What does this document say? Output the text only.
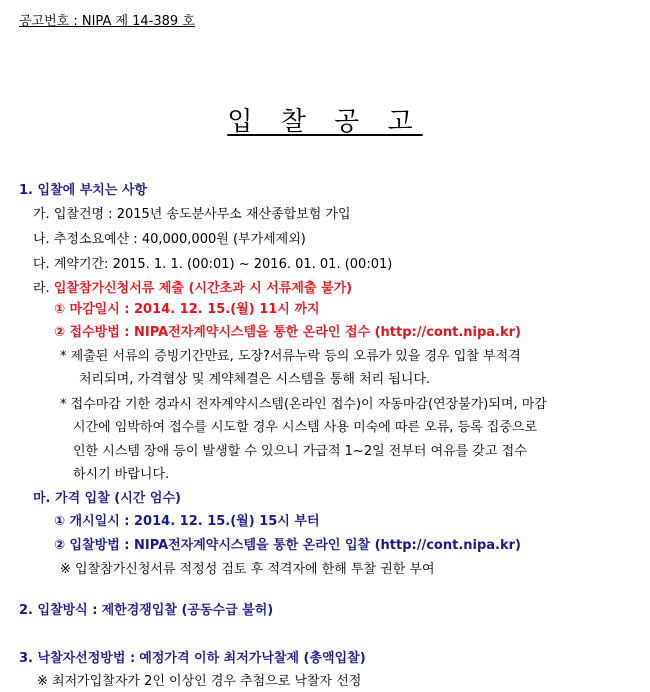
공고번호 : NIPA 제 14-389 호
입 찰 공 고
1. 입찰에 부치는 사항
가. 입찰건명 : 2015년 송도분사무소 재산종합보험 가입
나. 추정소요예산 : 40,000,000원 (부가세제외)
다. 계약기간: 2015. 1. 1. (00:01) ~ 2016. 01. 01. (00:01)
라. 입찰참가신청서류 제출 (시간초과 시 서류제출 불가)
① 마감일시 : 2014. 12. 15.(월) 11시 까지
② 접수방법 : NIPA전자계약시스템을 통한 온라인 접수 (http://cont.nipa.kr)
* 제출된 서류의 증빙기간만료, 도장?서류누락 등의 오류가 있을 경우 입찰 부적격
처리되며, 가격협상 및 계약체결은 시스템을 통해 처리 됩니다.
* 접수마감 기한 경과시 전자계약시스템(온라인 접수)이 자동마감(연장불가)되며, 마감
시간에 임박하여 접수를 시도할 경우 시스템 사용 미숙에 따른 오류, 등록 집중으로
인한 시스템 장애 등이 발생할 수 있으니 가급적 1~2일 전부터 여유를 갖고 접수
하시기 바랍니다.
마. 가격 입찰 (시간 엄수)
① 개시일시 : 2014. 12. 15.(월) 15시 부터
② 입찰방법 : NIPA전자계약시스템을 통한 온라인 입찰 (http://cont.nipa.kr)
※ 입찰참가신청서류 적정성 검토 후 적격자에 한해 투찰 권한 부여
2. 입찰방식 : 제한경쟁입찰 (공동수급 불허)
3. 낙찰자선정방법 : 예정가격 이하 최저가낙찰제 (총액입찰)
※ 최저가입찰자가 2인 이상인 경우 추첨으로 낙찰자 선정
